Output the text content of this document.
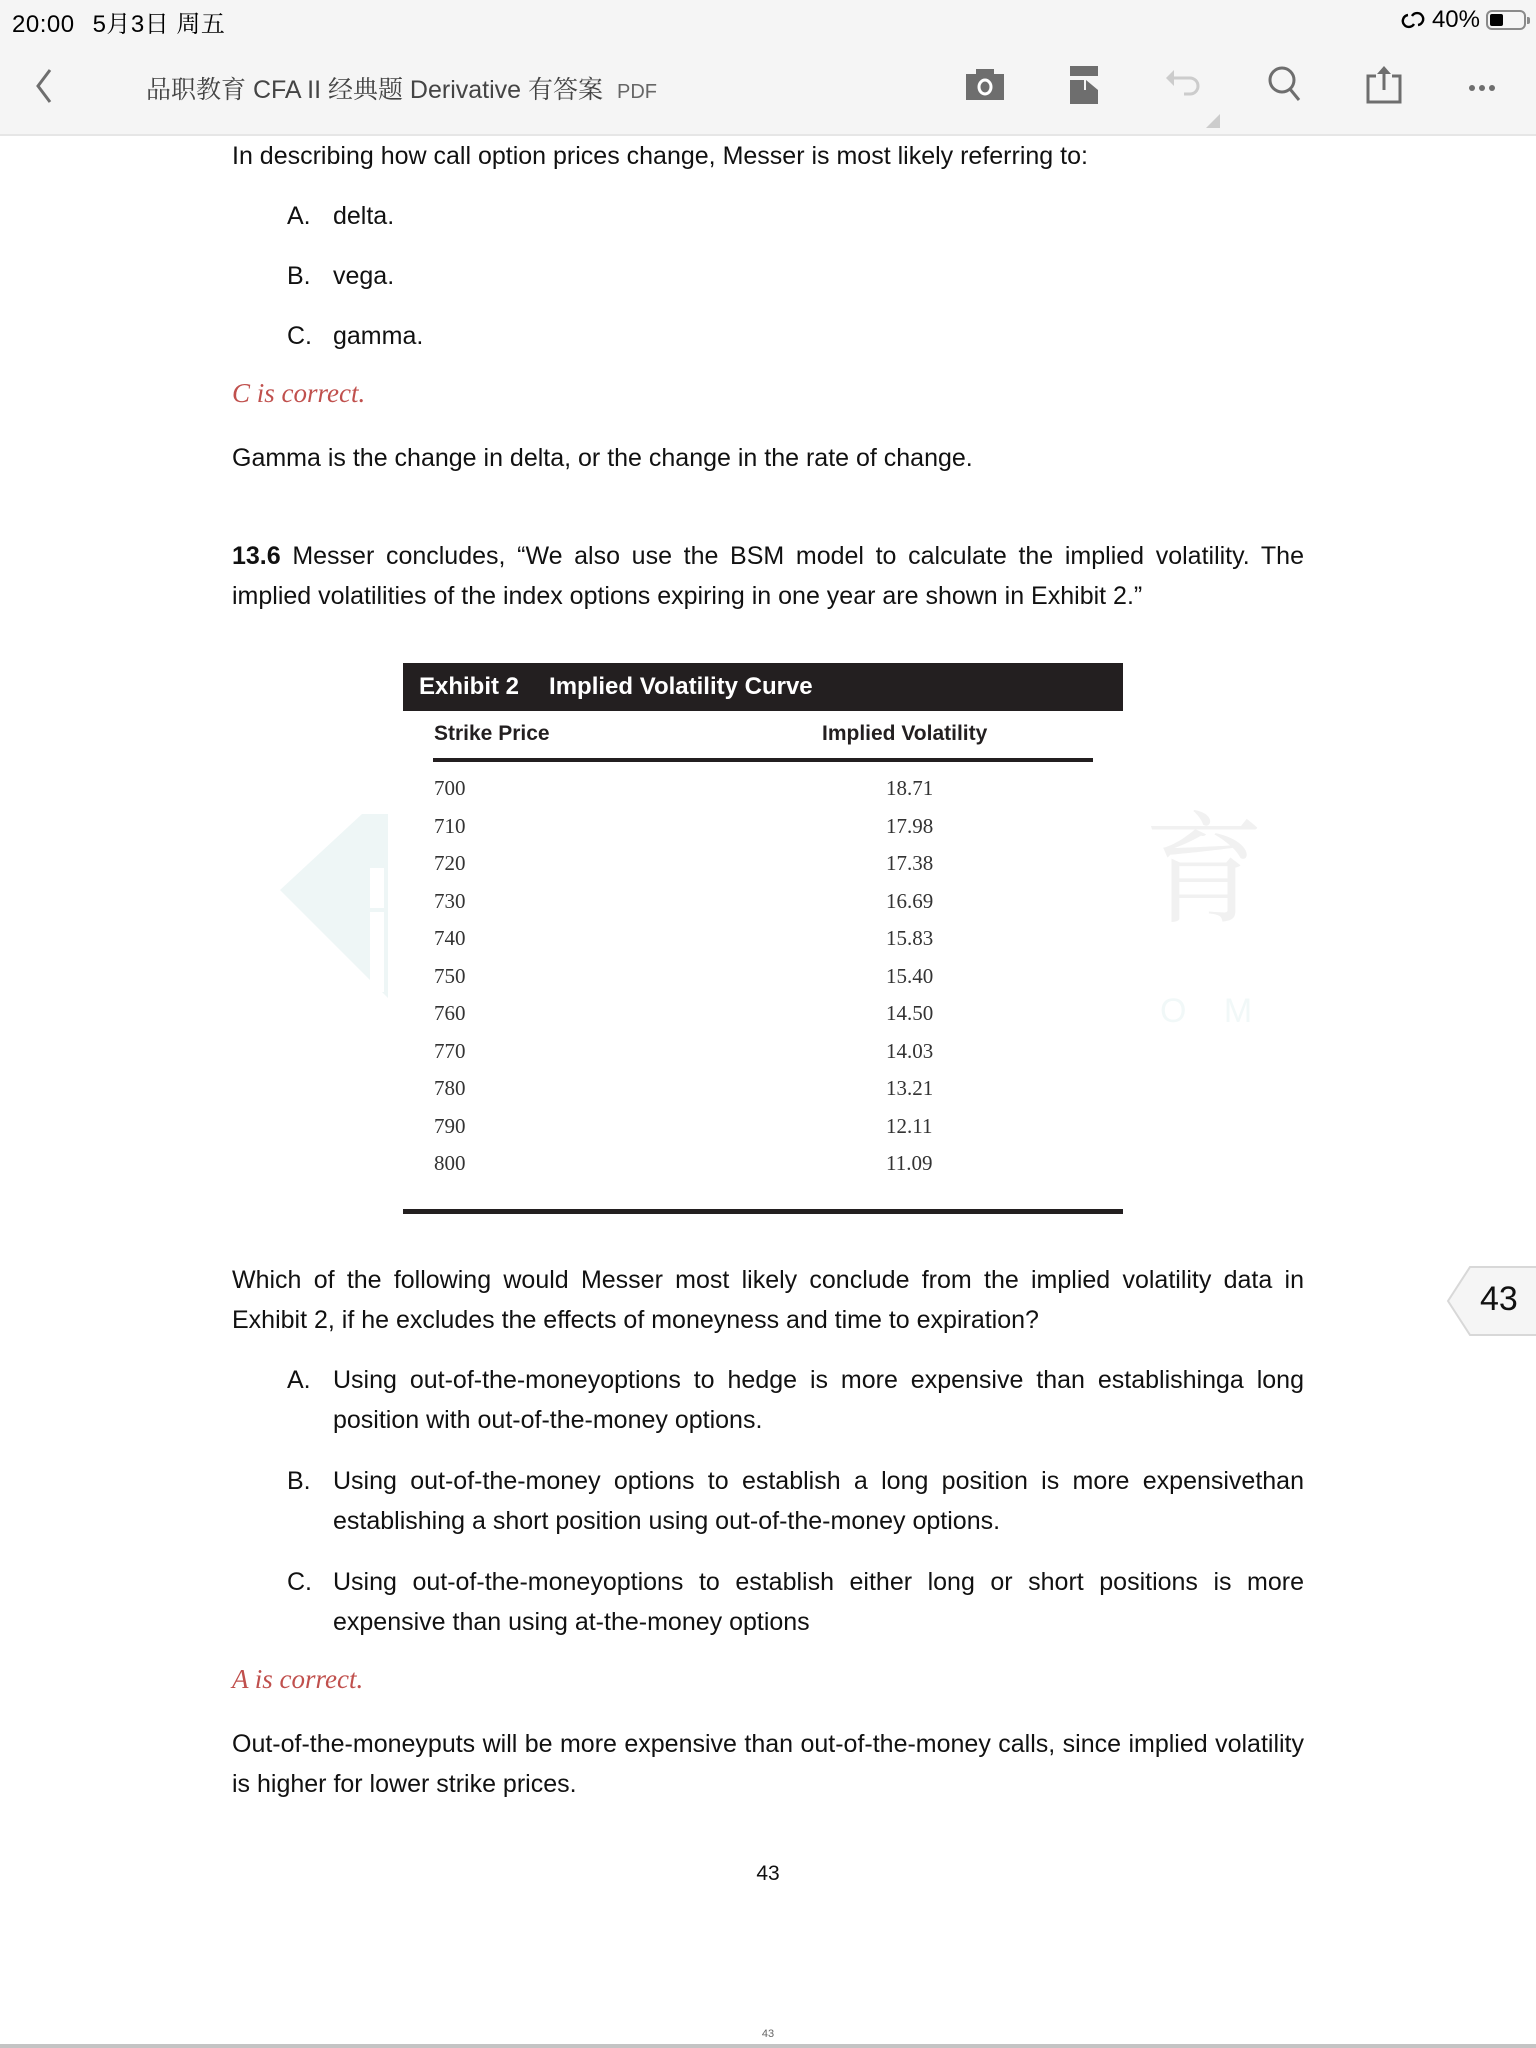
20:00 5月3日 周五	40%
品职教育 CFA II 经典题 Derivative 有答案 PDF
育
O M
In describing how call option prices change, Messer is most likely referring to:
A. delta.
B. vega.
C. gamma.
C is correct.
Gamma is the change in delta, or the change in the rate of change.
13.6 Messer concludes, “We also use the BSM model to calculate the implied volatility. The implied volatilities of the index options expiring in one year are shown in Exhibit 2.”
Exhibit 2 Implied Volatility Curve
Strike Price	Implied Volatility
700	18.71
710	17.98
720	17.38
730	16.69
740	15.83
750	15.40
760	14.50
770	14.03
780	13.21
790	12.11
800	11.09
Which of the following would Messer most likely conclude from the implied volatility data in Exhibit 2, if he excludes the effects of moneyness and time to expiration?
A. Using out-of-the-moneyoptions to hedge is more expensive than establishinga long position with out-of-the-money options.
B. Using out-of-the-money options to establish a long position is more expensivethan establishing a short position using out-of-the-money options.
C. Using out-of-the-moneyoptions to establish either long or short positions is more expensive than using at-the-money options
A is correct.
Out-of-the-moneyputs will be more expensive than out-of-the-money calls, since implied volatility is higher for lower strike prices.
43
43
43
